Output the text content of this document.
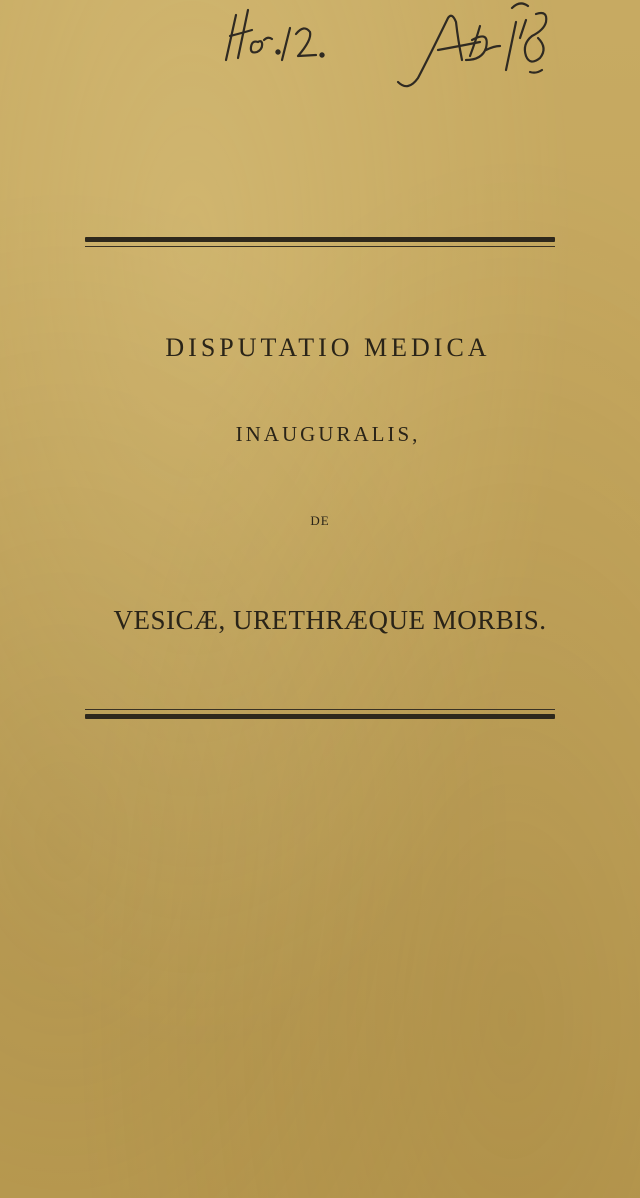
DISPUTATIO MEDICA
INAUGURALIS,
DE
VESICÆ, URETHRÆQUE MORBIS.
